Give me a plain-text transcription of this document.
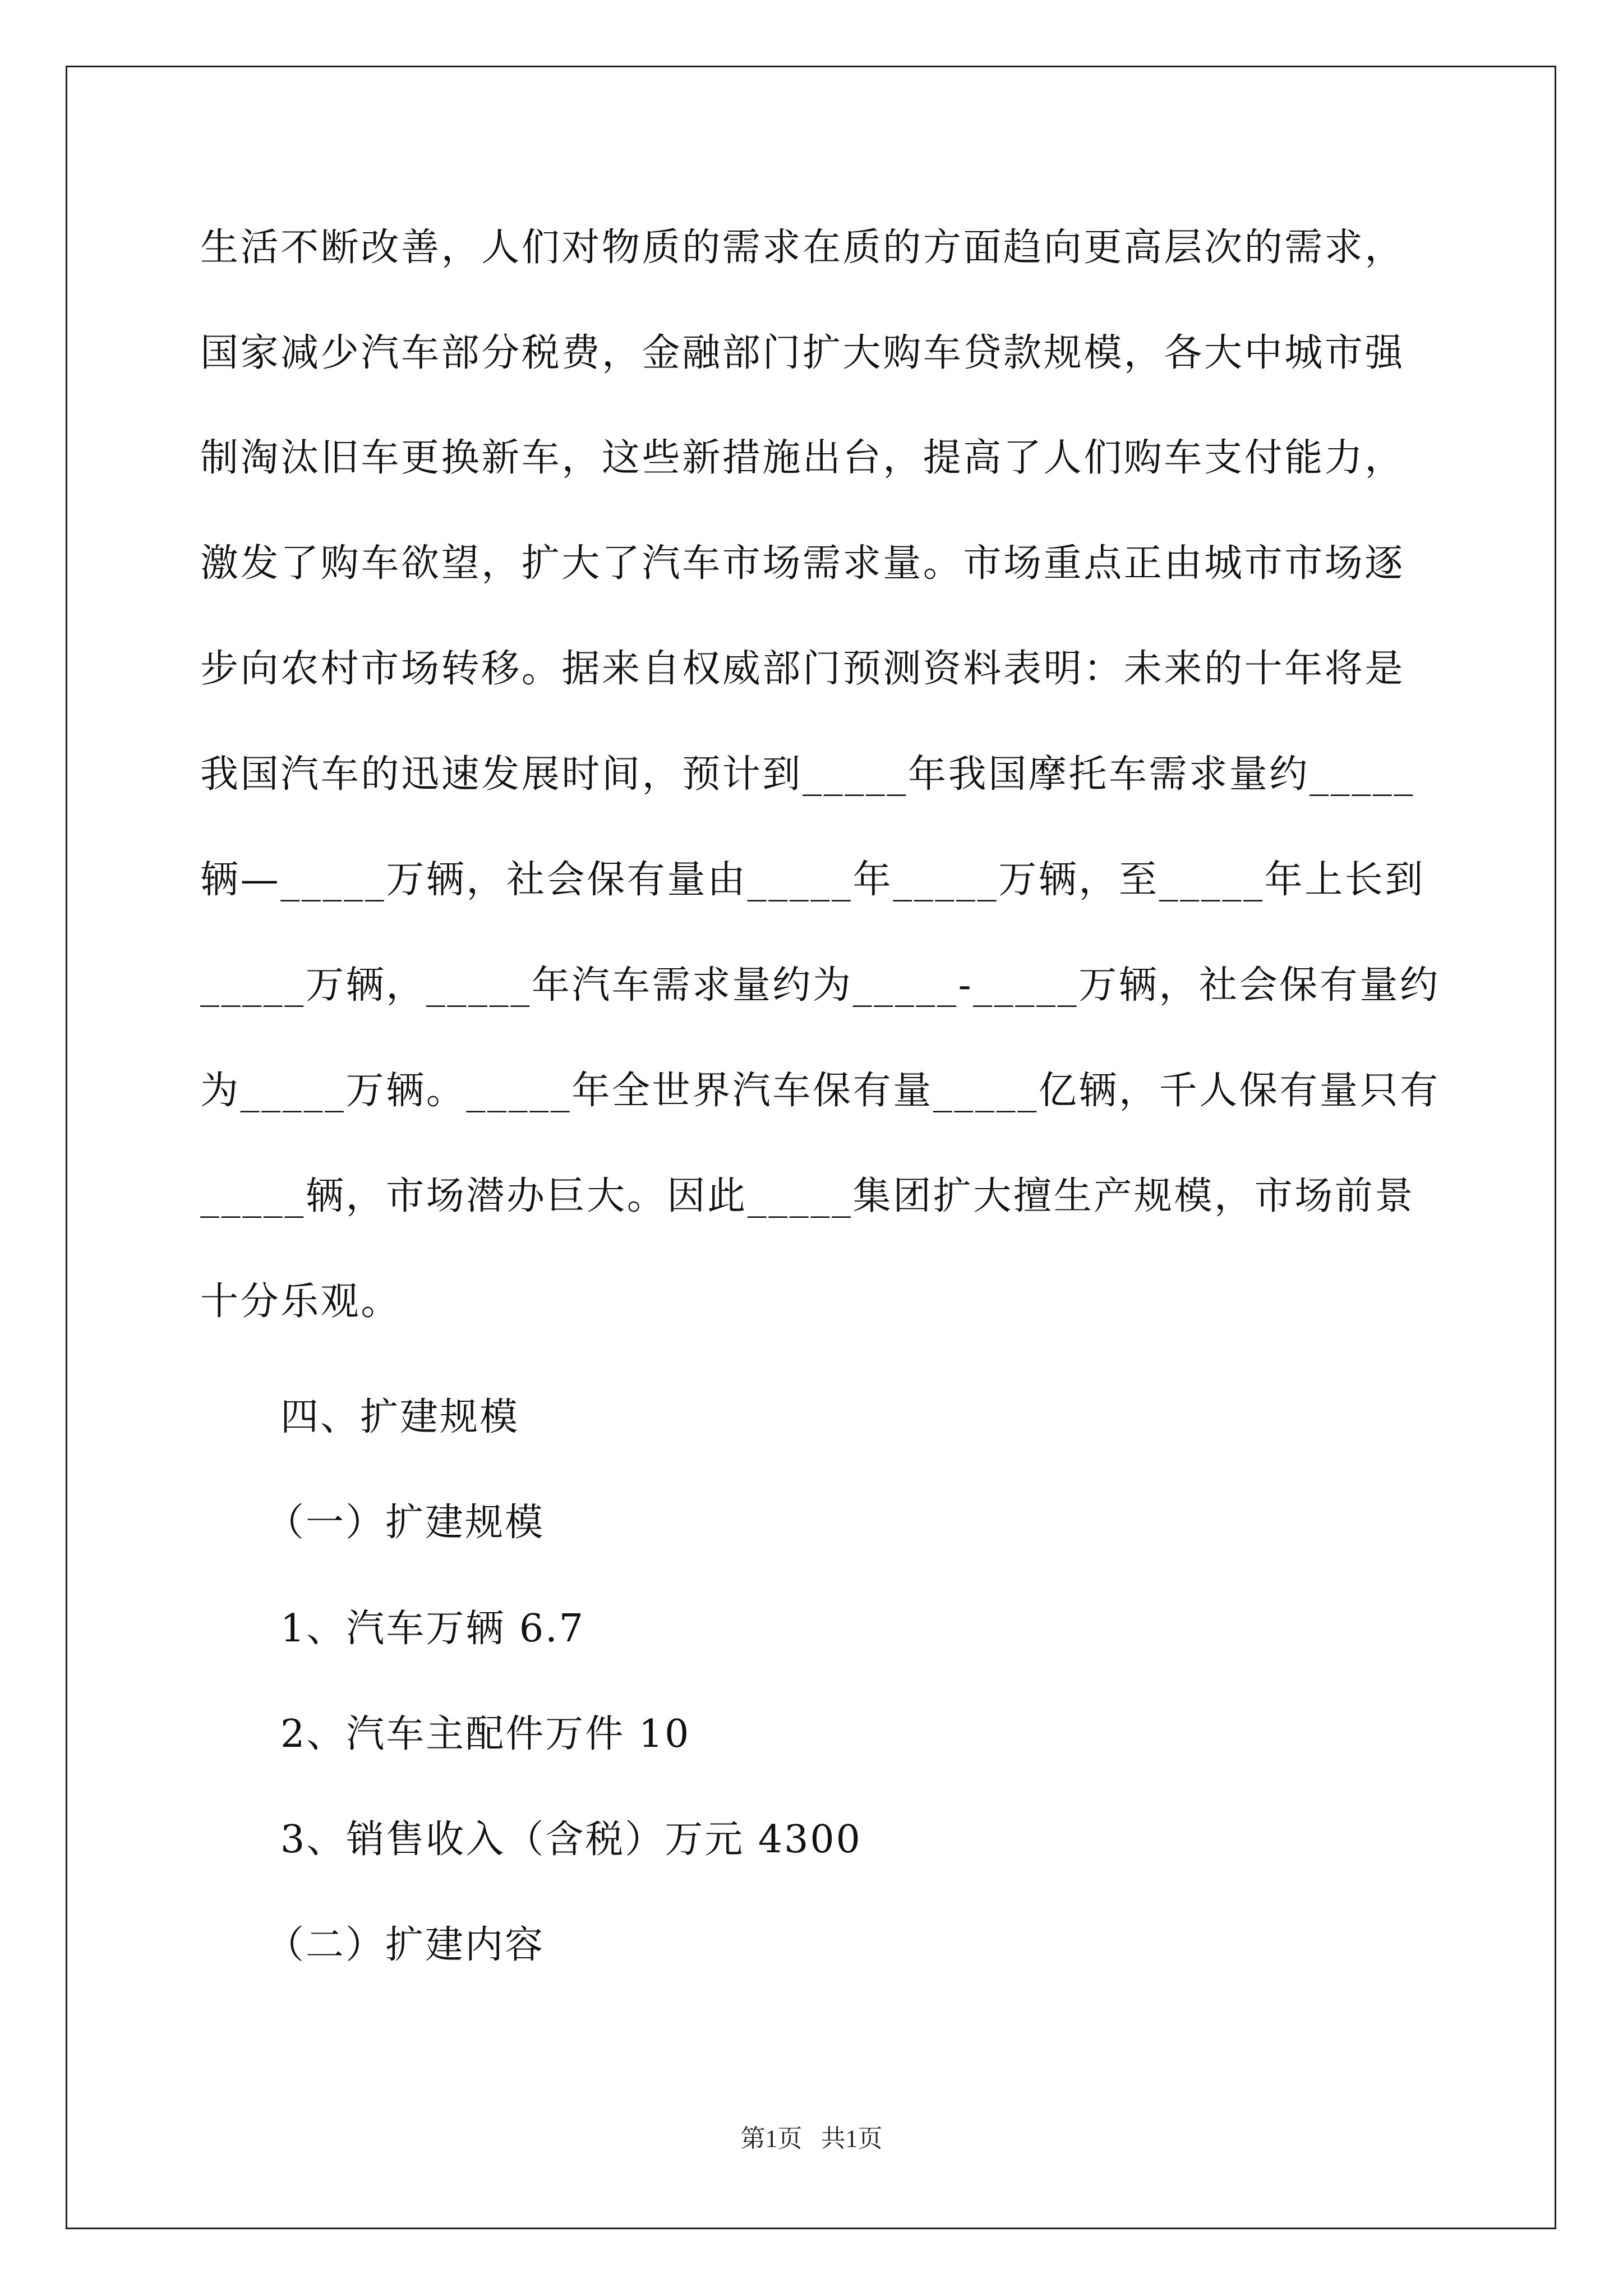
生活不断改善，人们对物质的需求在质的方面趋向更高层次的需求，
国家减少汽车部分税费，金融部门扩大购车贷款规模，各大中城市强
制淘汰旧车更换新车，这些新措施出台，提高了人们购车支付能力，
激发了购车欲望，扩大了汽车市场需求量。市场重点正由城市市场逐
步向农村市场转移。据来自权威部门预测资料表明：未来的十年将是
我国汽车的迅速发展时间，预计到_____年我国摩托车需求量约_____
辆—_____万辆，社会保有量由_____年_____万辆，至_____年上长到
_____万辆，_____年汽车需求量约为_____-_____万辆，社会保有量约
为_____万辆。_____年全世界汽车保有量_____亿辆，千人保有量只有
_____辆，市场潜办巨大。因此_____集团扩大擅生产规模，市场前景
十分乐观。
四、扩建规模
（一）扩建规模
1、汽车万辆 6.7
2、汽车主配件万件 10
3、销售收入（含税）万元 4300
（二）扩建内容
第1页   共1页
